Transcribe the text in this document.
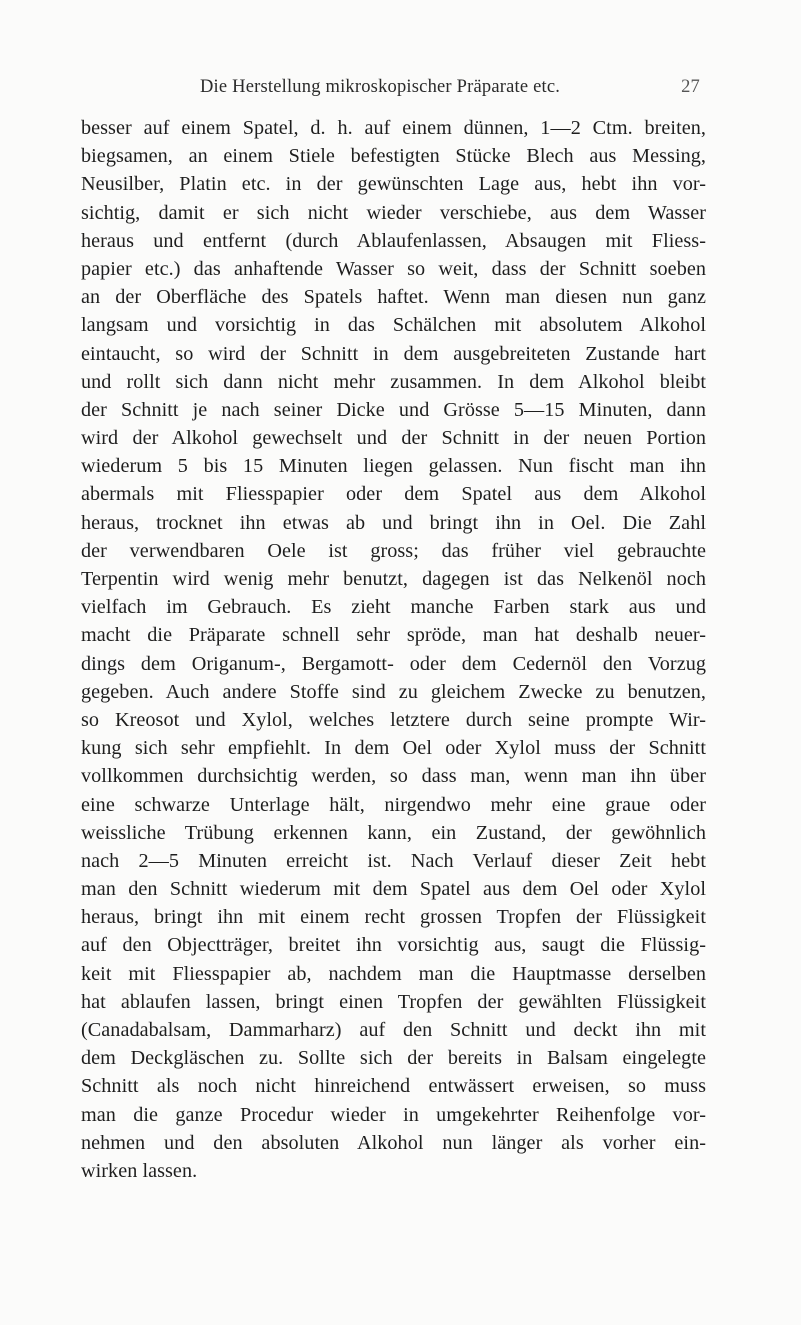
Die Herstellung mikroskopischer Präparate etc.	27
besser auf einem Spatel, d. h. auf einem dünnen, 1—2 Ctm. breiten,
biegsamen, an einem Stiele befestigten Stücke Blech aus Messing,
Neusilber, Platin etc. in der gewünschten Lage aus, hebt ihn vor-
sichtig, damit er sich nicht wieder verschiebe, aus dem Wasser
heraus und entfernt (durch Ablaufenlassen, Absaugen mit Fliess-
papier etc.) das anhaftende Wasser so weit, dass der Schnitt soeben
an der Oberfläche des Spatels haftet. Wenn man diesen nun ganz
langsam und vorsichtig in das Schälchen mit absolutem Alkohol
eintaucht, so wird der Schnitt in dem ausgebreiteten Zustande hart
und rollt sich dann nicht mehr zusammen. In dem Alkohol bleibt
der Schnitt je nach seiner Dicke und Grösse 5—15 Minuten, dann
wird der Alkohol gewechselt und der Schnitt in der neuen Portion
wiederum 5 bis 15 Minuten liegen gelassen. Nun fischt man ihn
abermals mit Fliesspapier oder dem Spatel aus dem Alkohol
heraus, trocknet ihn etwas ab und bringt ihn in Oel. Die Zahl
der verwendbaren Oele ist gross; das früher viel gebrauchte
Terpentin wird wenig mehr benutzt, dagegen ist das Nelkenöl noch
vielfach im Gebrauch. Es zieht manche Farben stark aus und
macht die Präparate schnell sehr spröde, man hat deshalb neuer-
dings dem Origanum-, Bergamott- oder dem Cedernöl den Vorzug
gegeben. Auch andere Stoffe sind zu gleichem Zwecke zu benutzen,
so Kreosot und Xylol, welches letztere durch seine prompte Wir-
kung sich sehr empfiehlt. In dem Oel oder Xylol muss der Schnitt
vollkommen durchsichtig werden, so dass man, wenn man ihn über
eine schwarze Unterlage hält, nirgendwo mehr eine graue oder
weissliche Trübung erkennen kann, ein Zustand, der gewöhnlich
nach 2—5 Minuten erreicht ist. Nach Verlauf dieser Zeit hebt
man den Schnitt wiederum mit dem Spatel aus dem Oel oder Xylol
heraus, bringt ihn mit einem recht grossen Tropfen der Flüssigkeit
auf den Objectträger, breitet ihn vorsichtig aus, saugt die Flüssig-
keit mit Fliesspapier ab, nachdem man die Hauptmasse derselben
hat ablaufen lassen, bringt einen Tropfen der gewählten Flüssigkeit
(Canadabalsam, Dammarharz) auf den Schnitt und deckt ihn mit
dem Deckgläschen zu. Sollte sich der bereits in Balsam eingelegte
Schnitt als noch nicht hinreichend entwässert erweisen, so muss
man die ganze Procedur wieder in umgekehrter Reihenfolge vor-
nehmen und den absoluten Alkohol nun länger als vorher ein-
wirken lassen.
